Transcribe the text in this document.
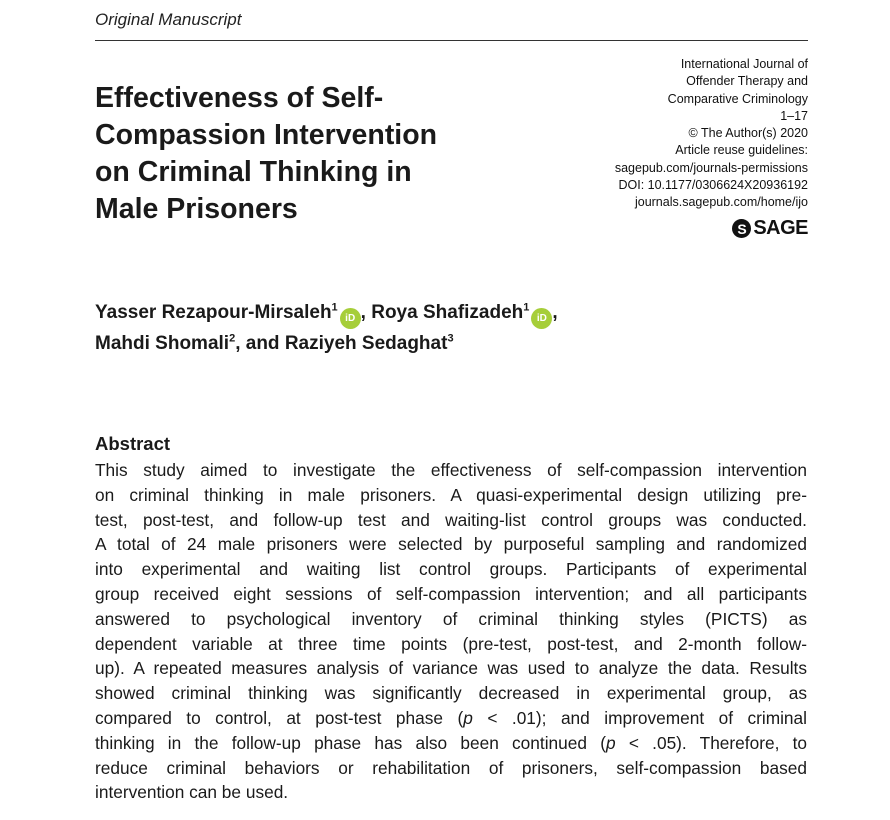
Original Manuscript
Effectiveness of Self-
Compassion Intervention
on Criminal Thinking in
Male Prisoners
International Journal of
Offender Therapy and
Comparative Criminology
1–17
© The Author(s) 2020
Article reuse guidelines:
sagepub.com/journals-permissions
DOI: 10.1177/0306624X20936192
journals.sagepub.com/home/ijo
S SAGE
Yasser Rezapour-Mirsaleh$^1$iD , Roya Shafizadeh$^1$iD ,
Mahdi Shomali$^2$, and Raziyeh Sedaghat$^3$
Abstract
This study aimed to investigate the effectiveness of self-compassion intervention
on criminal thinking in male prisoners. A quasi-experimental design utilizing pre-
test, post-test, and follow-up test and waiting-list control groups was conducted.
A total of 24 male prisoners were selected by purposeful sampling and randomized
into experimental and waiting list control groups. Participants of experimental
group received eight sessions of self-compassion intervention; and all participants
answered to psychological inventory of criminal thinking styles (PICTS) as
dependent variable at three time points (pre-test, post-test, and 2-month follow-
up). A repeated measures analysis of variance was used to analyze the data. Results
showed criminal thinking was significantly decreased in experimental group, as
compared to control, at post-test phase (p < .01); and improvement of criminal
thinking in the follow-up phase has also been continued (p < .05). Therefore, to
reduce criminal behaviors or rehabilitation of prisoners, self-compassion based
intervention can be used.
